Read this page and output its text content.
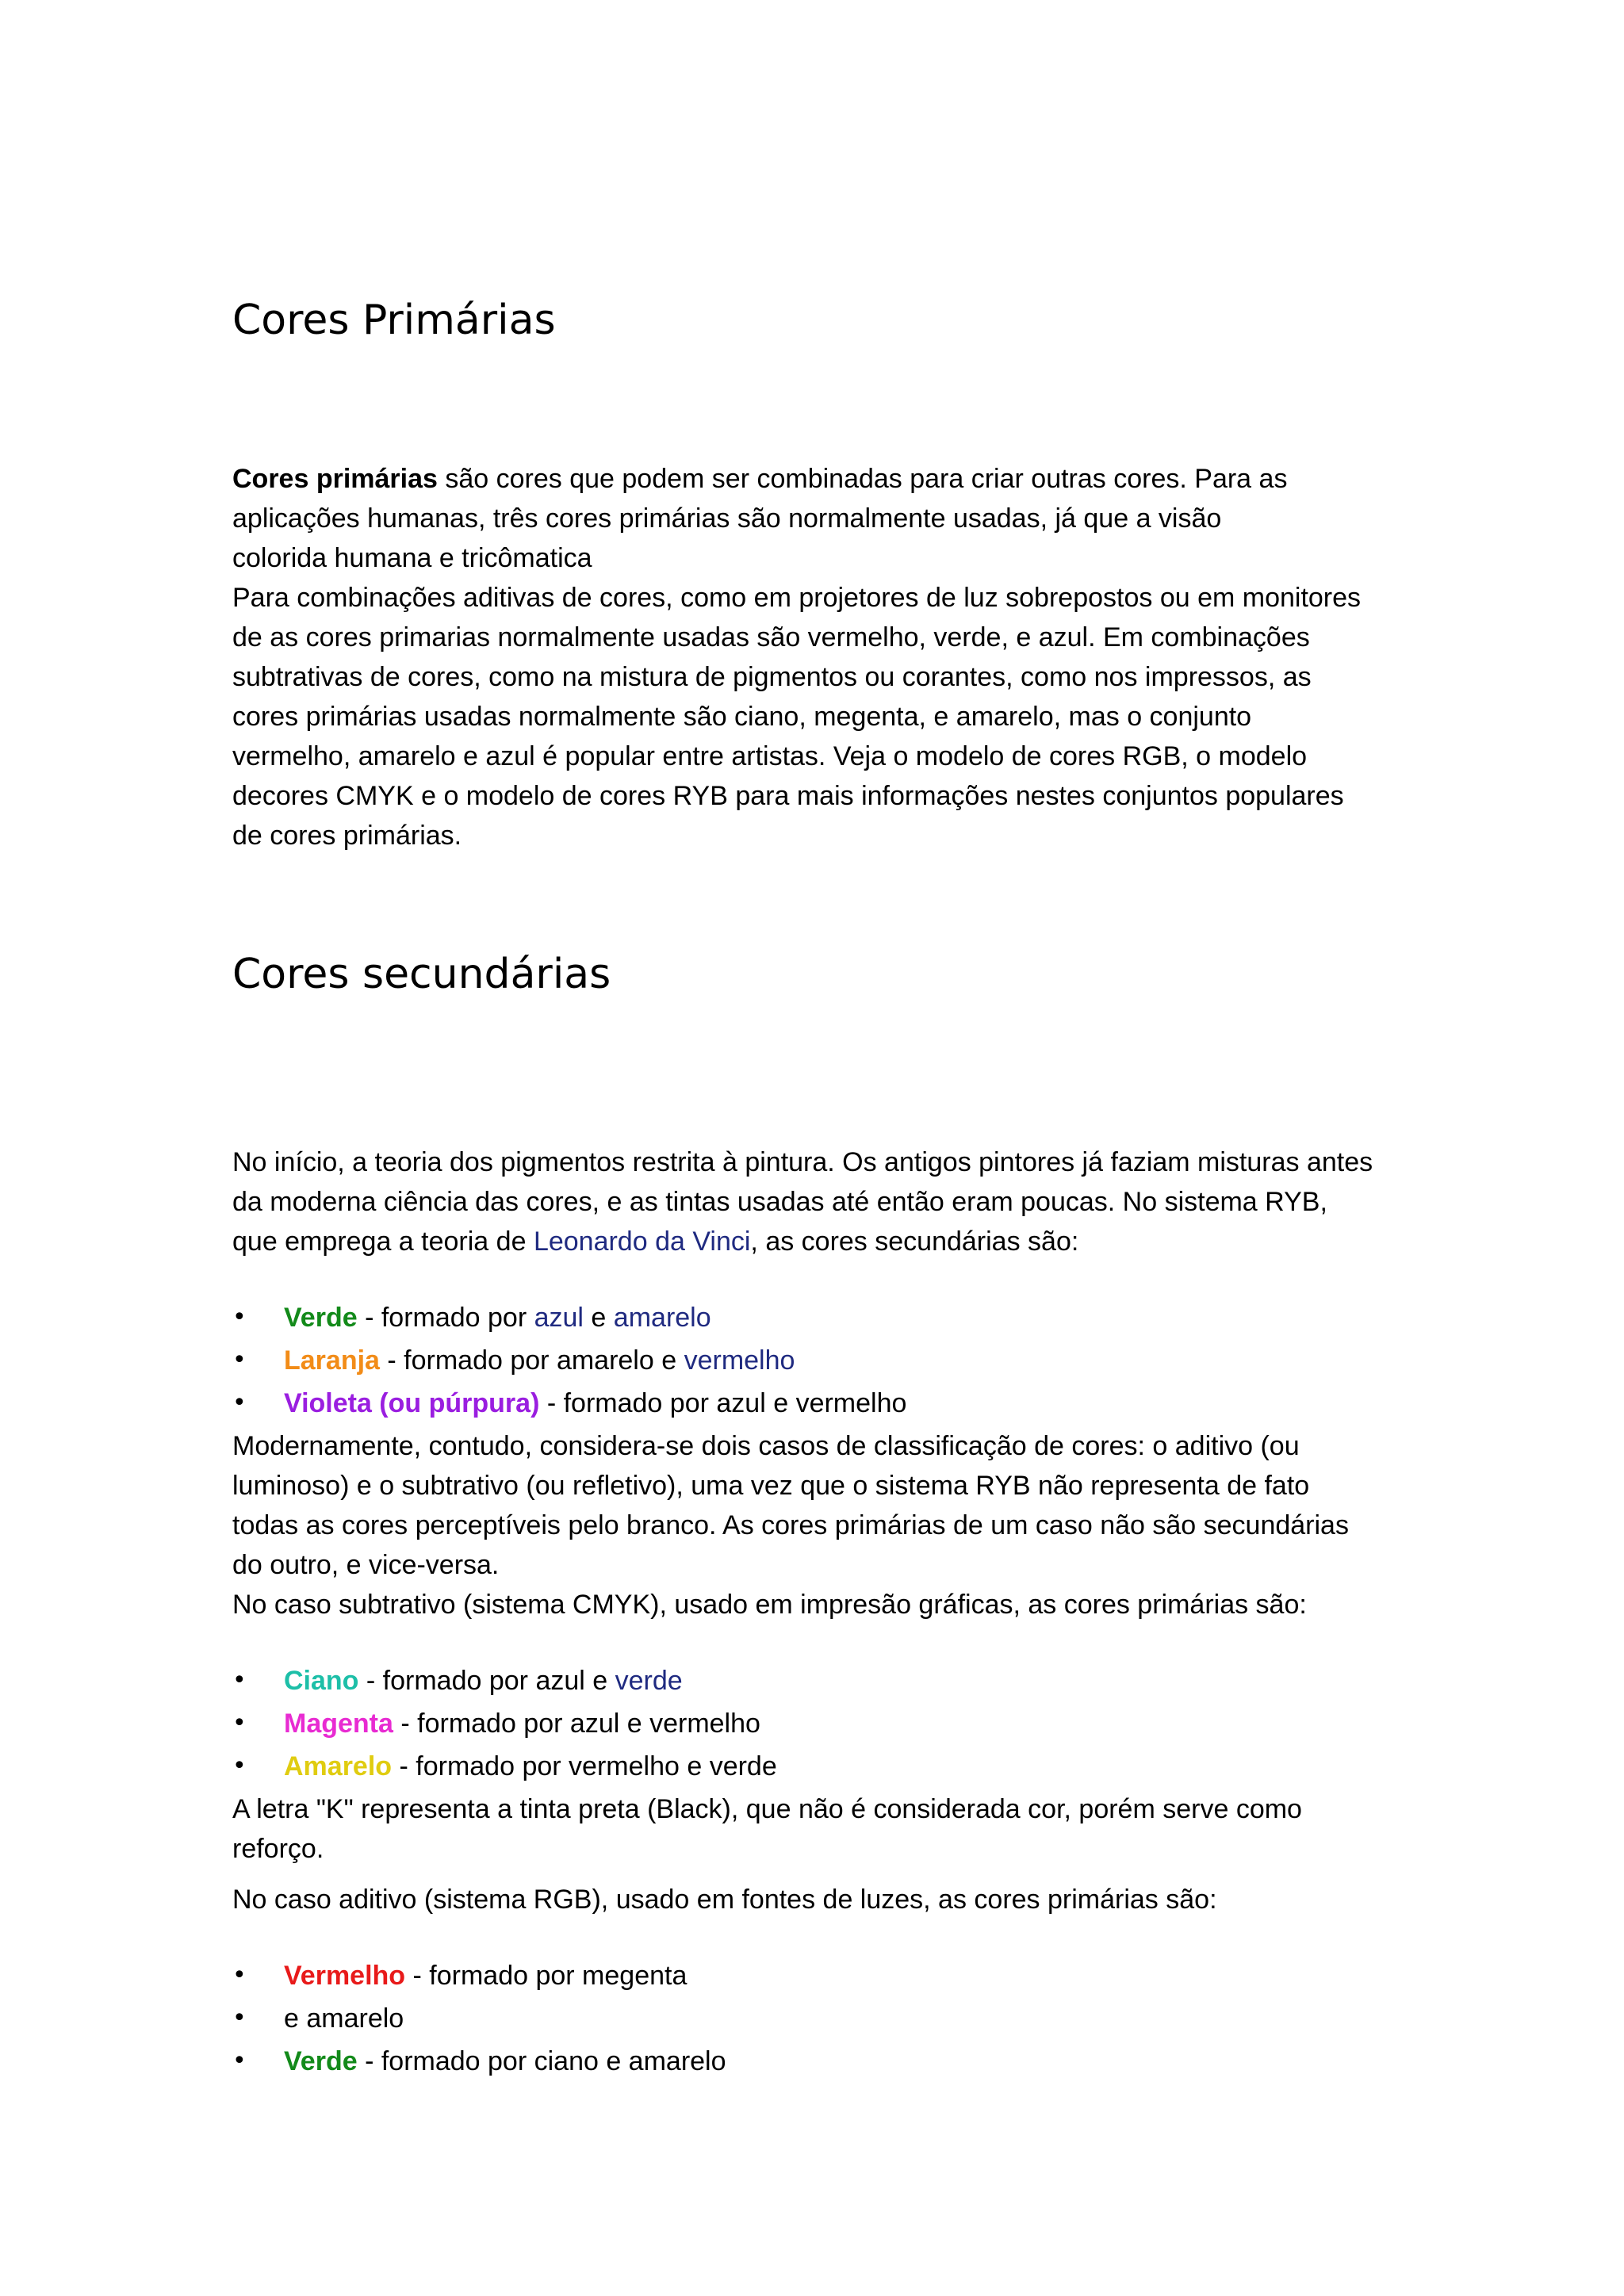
Cores Primárias

Cores primárias são cores que podem ser combinadas para criar outras cores. Para as

aplicações humanas, três cores primárias são normalmente usadas, já que a visão

colorida humana e tricômatica

Para combinações aditivas de cores, como em projetores de luz sobrepostos ou em monitores

de as cores primarias normalmente usadas são vermelho, verde, e azul. Em combinações

subtrativas de cores, como na mistura de pigmentos ou corantes, como nos impressos, as

cores primárias usadas normalmente são ciano, megenta, e amarelo, mas o conjunto

vermelho, amarelo e azul é popular entre artistas. Veja o modelo de cores RGB, o modelo

decores CMYK e o modelo de cores RYB para mais informações nestes conjuntos populares

de cores primárias.

Cores secundárias

No início, a teoria dos pigmentos restrita à pintura. Os antigos pintores já faziam misturas antes

da moderna ciência das cores, e as tintas usadas até então eram poucas. No sistema RYB,

que emprega a teoria de Leonardo da Vinci, as cores secundárias são:

• Verde - formado por azul e amarelo

• Laranja - formado por amarelo e vermelho

• Violeta (ou púrpura) - formado por azul e vermelho

Modernamente, contudo, considera-se dois casos de classificação de cores: o aditivo (ou

luminoso) e o subtrativo (ou refletivo), uma vez que o sistema RYB não representa de fato

todas as cores perceptíveis pelo branco. As cores primárias de um caso não são secundárias

do outro, e vice-versa.

No caso subtrativo (sistema CMYK), usado em impresão gráficas, as cores primárias são:

• Ciano - formado por azul e verde

• Magenta - formado por azul e vermelho

• Amarelo - formado por vermelho e verde

A letra "K" representa a tinta preta (Black), que não é considerada cor, porém serve como

reforço.

No caso aditivo (sistema RGB), usado em fontes de luzes, as cores primárias são:

• Vermelho - formado por megenta

• e amarelo

• Verde - formado por ciano e amarelo
